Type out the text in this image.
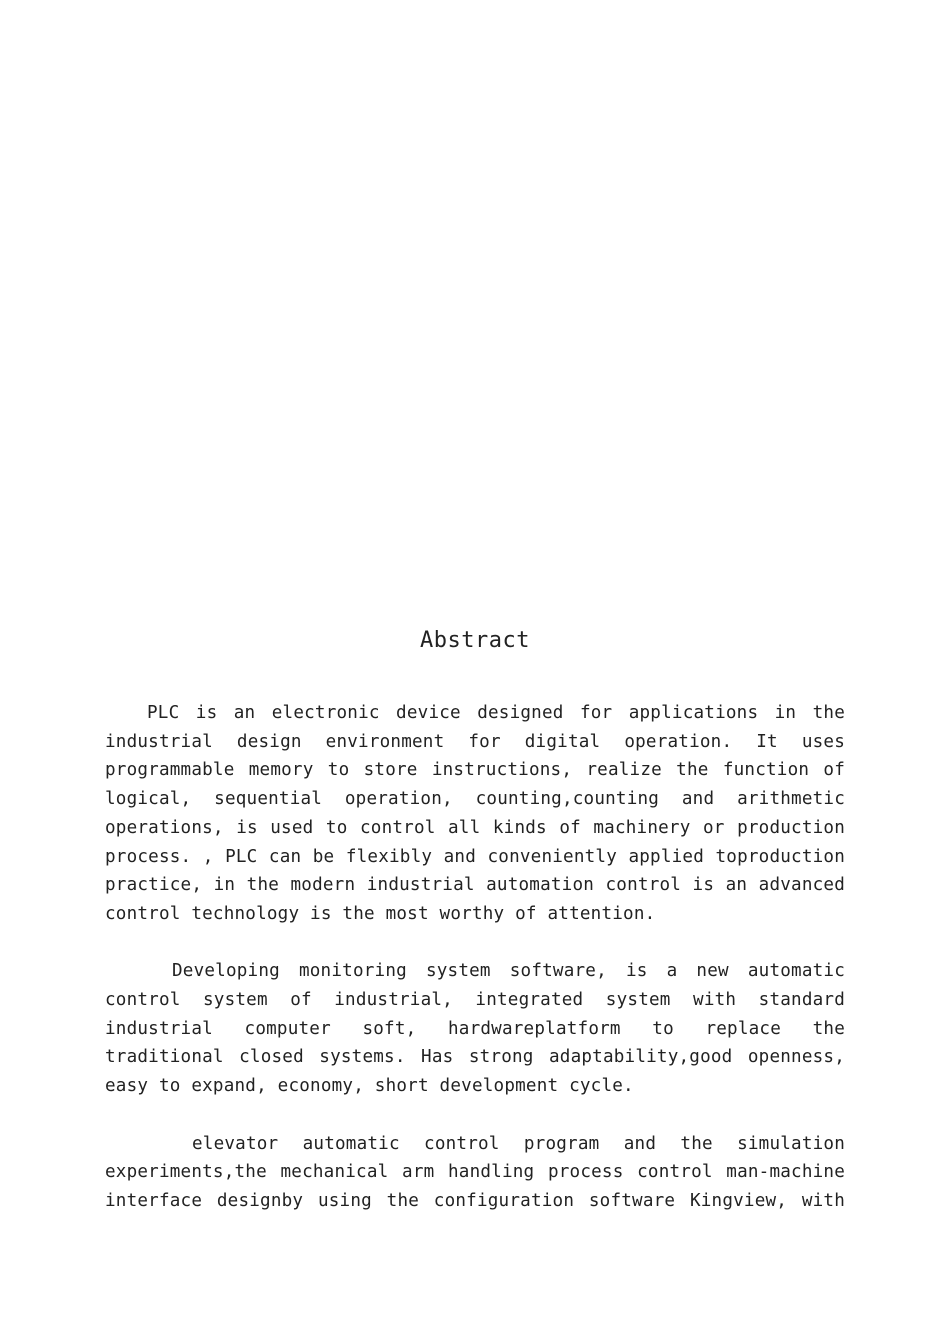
Abstract

PLC is an electronic device designed for applications in the industrial design environment for digital operation. It uses programmable memory to store instructions, realize the function of logical, sequential operation, counting,counting and arithmetic operations, is used to control all kinds of machinery or production process. , PLC can be flexibly and conveniently applied toproduction practice, in the modern industrial automation control is an advanced control technology is the most worthy of attention.

Developing monitoring system software, is a new automatic control system of industrial, integrated system with standard industrial computer soft, hardwareplatform to replace the traditional closed systems. Has strong adaptability,good openness, easy to expand, economy, short development cycle.

elevator automatic control program and the simulation experiments,the mechanical arm handling process control man-machine interface designby using the configuration software Kingview, with
